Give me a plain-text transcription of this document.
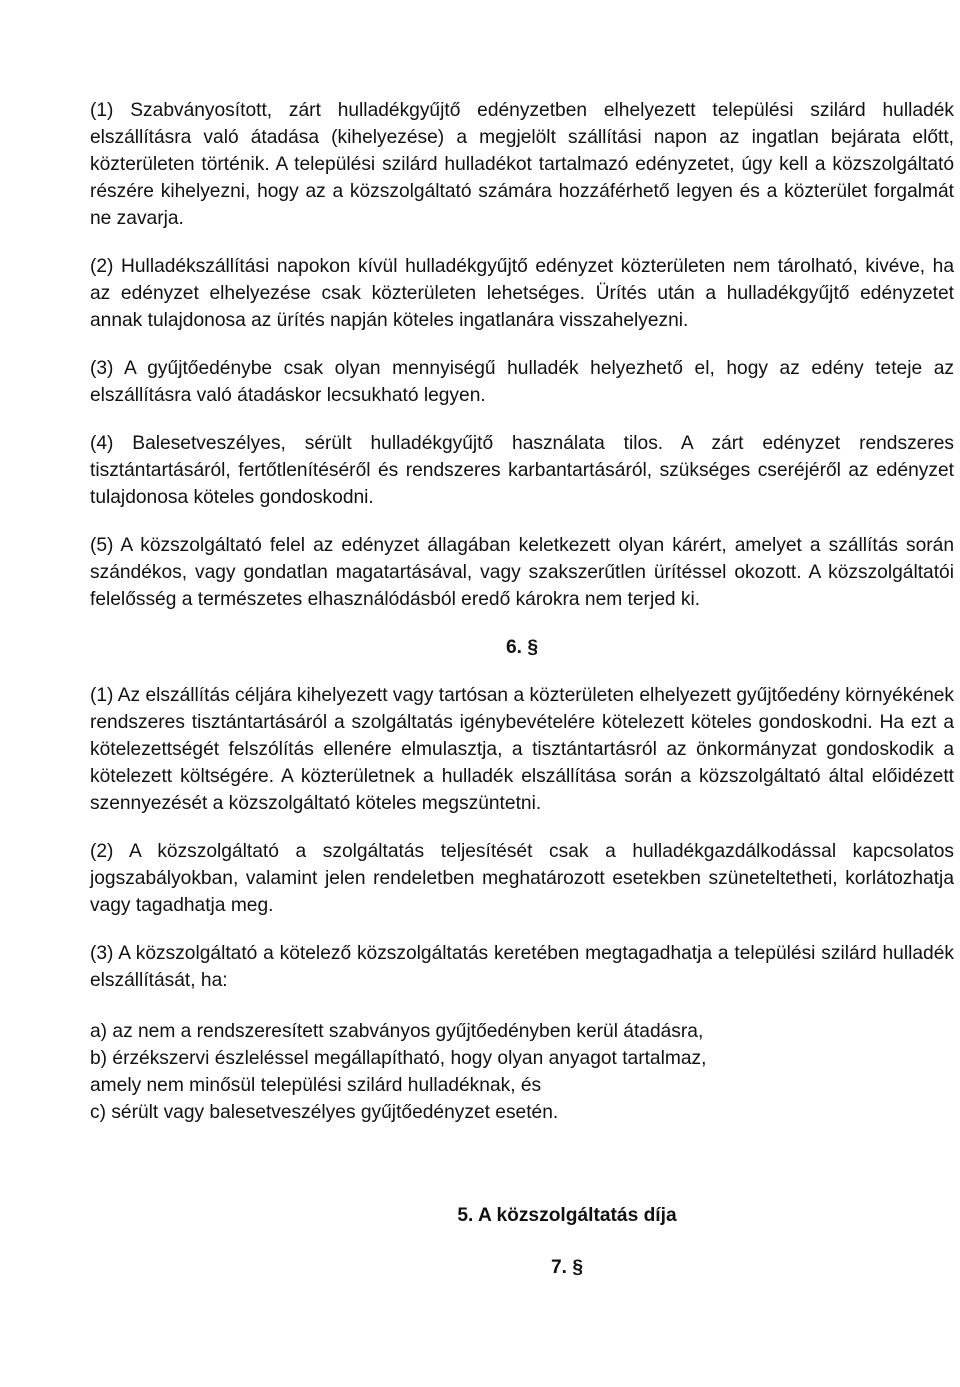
(1) Szabványosított, zárt hulladékgyűjtő edényzetben elhelyezett települési szilárd hulladék elszállításra való átadása (kihelyezése) a megjelölt szállítási napon az ingatlan bejárata előtt, közterületen történik. A települési szilárd hulladékot tartalmazó edényzetet, úgy kell a közszolgáltató részére kihelyezni, hogy az a közszolgáltató számára hozzáférhető legyen és a közterület forgalmát ne zavarja.

(2) Hulladékszállítási napokon kívül hulladékgyűjtő edényzet közterületen nem tárolható, kivéve, ha az edényzet elhelyezése csak közterületen lehetséges. Ürítés után a hulladékgyűjtő edényzetet annak tulajdonosa az ürítés napján köteles ingatlanára visszahelyezni.

(3) A gyűjtőedénybe csak olyan mennyiségű hulladék helyezhető el, hogy az edény teteje az elszállításra való átadáskor lecsukható legyen.

(4) Balesetveszélyes, sérült hulladékgyűjtő használata tilos. A zárt edényzet rendszeres tisztántartásáról, fertőtlenítéséről és rendszeres karbantartásáról, szükséges cseréjéről az edényzet tulajdonosa köteles gondoskodni.

(5) A közszolgáltató felel az edényzet állagában keletkezett olyan kárért, amelyet a szállítás során szándékos, vagy gondatlan magatartásával, vagy szakszerűtlen ürítéssel okozott. A közszolgáltatói felelősség a természetes elhasználódásból eredő károkra nem terjed ki.

6. §

(1) Az elszállítás céljára kihelyezett vagy tartósan a közterületen elhelyezett gyűjtőedény környékének rendszeres tisztántartásáról a szolgáltatás igénybevételére kötelezett köteles gondoskodni. Ha ezt a kötelezettségét felszólítás ellenére elmulasztja, a tisztántartásról az önkormányzat gondoskodik a kötelezett költségére. A közterületnek a hulladék elszállítása során a közszolgáltató által előidézett szennyezését a közszolgáltató köteles megszüntetni.

(2) A közszolgáltató a szolgáltatás teljesítését csak a hulladékgazdálkodással kapcsolatos jogszabályokban, valamint jelen rendeletben meghatározott esetekben szüneteltetheti, korlátozhatja vagy tagadhatja meg.

(3) A közszolgáltató a kötelező közszolgáltatás keretében megtagadhatja a települési szilárd hulladék elszállítását, ha:

a) az nem a rendszeresített szabványos gyűjtőedényben kerül átadásra,
b) érzékszervi észleléssel megállapítható, hogy olyan anyagot tartalmaz,
amely nem minősül települési szilárd hulladéknak, és
c) sérült vagy balesetveszélyes gyűjtőedényzet esetén.
5. A közszolgáltatás díja
7. §
